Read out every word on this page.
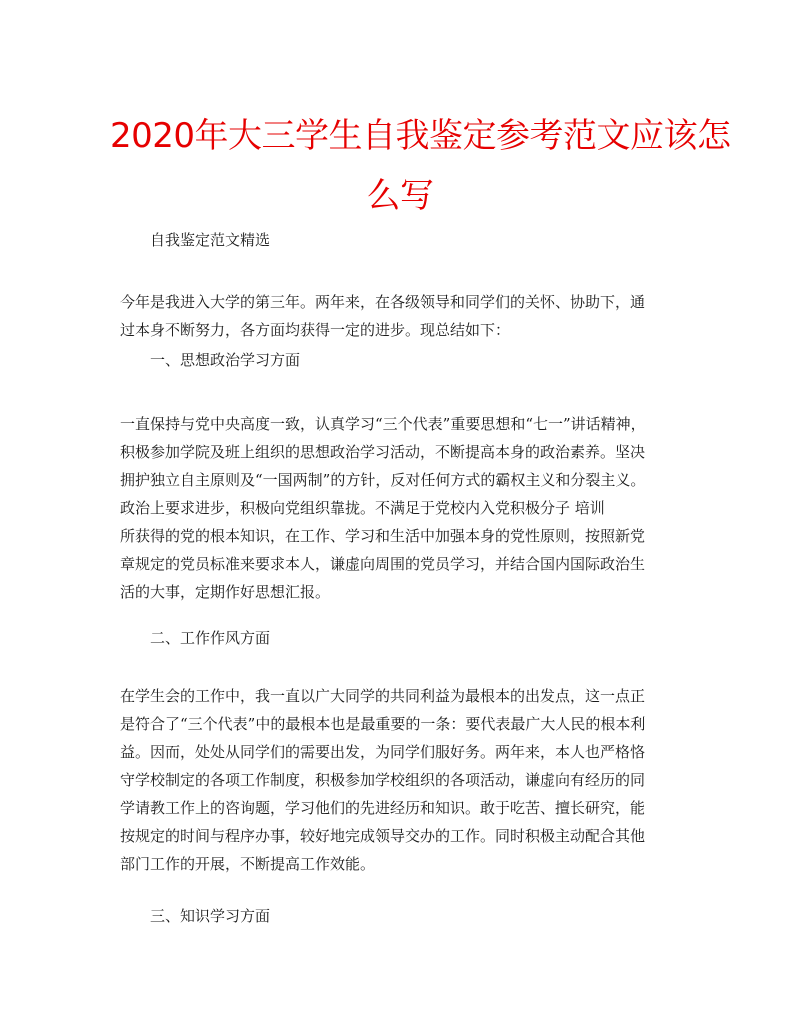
2020年大三学生自我鉴定参考范文应该怎
么写

自我鉴定范文精选

今年是我进入大学的第三年。两年来，在各级领导和同学们的关怀、协助下，通
过本身不断努力，各方面均获得一定的进步。现总结如下：

一、思想政治学习方面

一直保持与党中央高度一致，认真学习“三个代表”重要思想和“七一”讲话精神，
积极参加学院及班上组织的思想政治学习活动，不断提高本身的政治素养。坚决
拥护独立自主原则及“一国两制”的方针，反对任何方式的霸权主义和分裂主义。
政治上要求进步，积极向党组织靠拢。不满足于党校内入党积极分子 培训
所获得的党的根本知识，在工作、学习和生活中加强本身的党性原则，按照新党
章规定的党员标准来要求本人，谦虚向周围的党员学习，并结合国内国际政治生
活的大事，定期作好思想汇报。

二、工作作风方面

在学生会的工作中，我一直以广大同学的共同利益为最根本的出发点，这一点正
是符合了“三个代表”中的最根本也是最重要的一条：要代表最广大人民的根本利
益。因而，处处从同学们的需要出发，为同学们服好务。两年来，本人也严格恪
守学校制定的各项工作制度，积极参加学校组织的各项活动，谦虚向有经历的同
学请教工作上的咨询题，学习他们的先进经历和知识。敢于吃苦、擅长研究，能
按规定的时间与程序办事，较好地完成领导交办的工作。同时积极主动配合其他
部门工作的开展，不断提高工作效能。

三、知识学习方面
